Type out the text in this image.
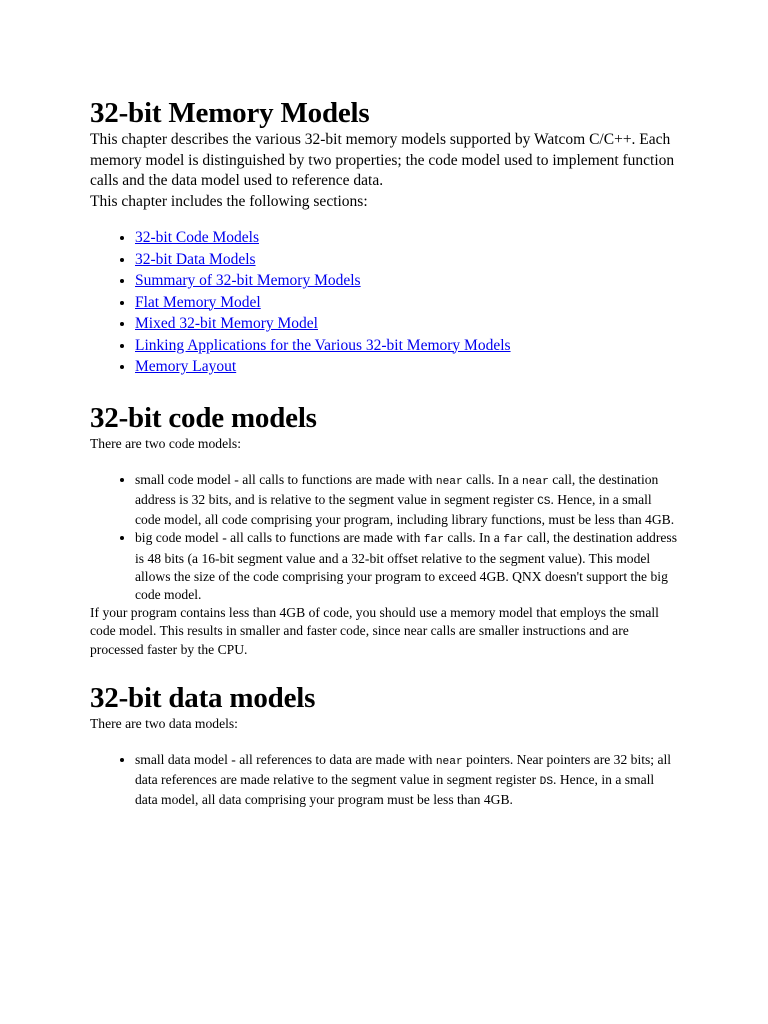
32-bit Memory Models

This chapter describes the various 32-bit memory models supported by Watcom C/C++. Each memory model is distinguished by two properties; the code model used to implement function calls and the data model used to reference data.

This chapter includes the following sections:

• 32-bit Code Models
• 32-bit Data Models
• Summary of 32-bit Memory Models
• Flat Memory Model
• Mixed 32-bit Memory Model
• Linking Applications for the Various 32-bit Memory Models
• Memory Layout
32-bit code models

There are two code models:

• small code model - all calls to functions are made with near calls. In a near call, the destination address is 32 bits, and is relative to the segment value in segment register CS. Hence, in a small code model, all code comprising your program, including library functions, must be less than 4GB.
• big code model - all calls to functions are made with far calls. In a far call, the destination address is 48 bits (a 16-bit segment value and a 32-bit offset relative to the segment value). This model allows the size of the code comprising your program to exceed 4GB. QNX doesn't support the big code model.

If your program contains less than 4GB of code, you should use a memory model that employs the small code model. This results in smaller and faster code, since near calls are smaller instructions and are processed faster by the CPU.

32-bit data models

There are two data models:

• small data model - all references to data are made with near pointers. Near pointers are 32 bits; all data references are made relative to the segment value in segment register DS. Hence, in a small data model, all data comprising your program must be less than 4GB.
